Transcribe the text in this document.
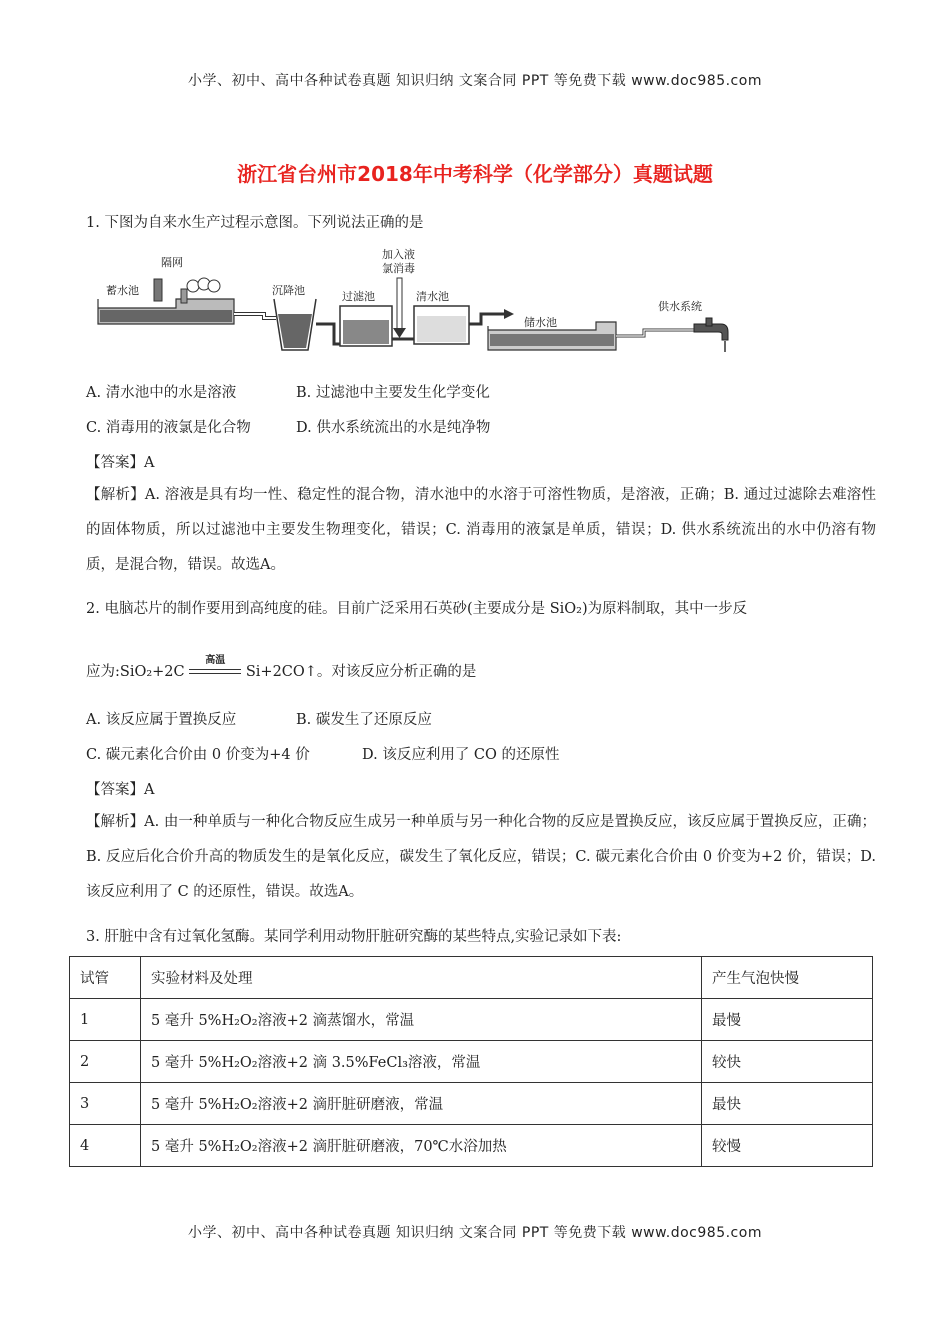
小学、初中、高中各种试卷真题 知识归纳 文案合同 PPT 等免费下载 www.doc985.com
浙江省台州市2018年中考科学（化学部分）真题试题
1. 下图为自来水生产过程示意图。下列说法正确的是
蓄水池
隔网
沉降池	过滤池
加入液
氯消毒
清水池
储水池
供水系统
A. 清水池中的水是溶液	B. 过滤池中主要发生化学变化
C. 消毒用的液氯是化合物	D. 供水系统流出的水是纯净物
【答案】A
【解析】A. 溶液是具有均一性、稳定性的混合物，清水池中的水溶于可溶性物质，是溶液，正确；B. 通过过滤除去难溶性的固体物质，所以过滤池中主要发生物理变化，错误；C. 消毒用的液氯是单质，错误；D. 供水系统流出的水中仍溶有物质，是混合物，错误。故选A。
2. 电脑芯片的制作要用到高纯度的硅。目前广泛采用石英砂(主要成分是 SiO₂)为原料制取，其中一步反
应为:SiO₂+2C
高温
Si+2CO↑。对该反应分析正确的是
A. 该反应属于置换反应	B. 碳发生了还原反应
C. 碳元素化合价由 0 价变为+4 价	D. 该反应利用了 CO 的还原性
【答案】A
【解析】A. 由一种单质与一种化合物反应生成另一种单质与另一种化合物的反应是置换反应，该反应属于置换反应，正确；B. 反应后化合价升高的物质发生的是氧化反应，碳发生了氧化反应，错误；C. 碳元素化合价由 0 价变为+2 价，错误；D. 该反应利用了 C 的还原性，错误。故选A。
3. 肝脏中含有过氧化氢酶。某同学利用动物肝脏研究酶的某些特点,实验记录如下表:
试管	实验材料及处理	产生气泡快慢
1	5 毫升 5%H₂O₂溶液+2 滴蒸馏水，常温	最慢
2	5 毫升 5%H₂O₂溶液+2 滴 3.5%FeCl₃溶液，常温	较快
3	5 毫升 5%H₂O₂溶液+2 滴肝脏研磨液，常温	最快
4	5 毫升 5%H₂O₂溶液+2 滴肝脏研磨液，70℃水浴加热	较慢
小学、初中、高中各种试卷真题 知识归纳 文案合同 PPT 等免费下载 www.doc985.com
